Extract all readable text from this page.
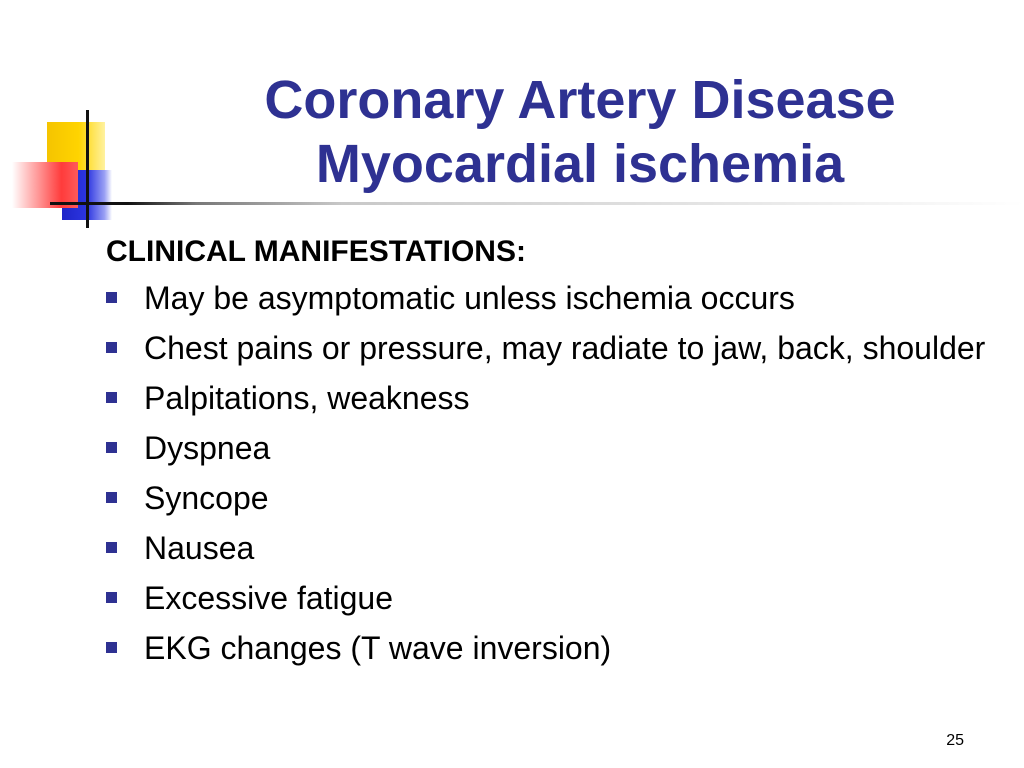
Coronary Artery Disease
Myocardial ischemia
CLINICAL MANIFESTATIONS:
May be asymptomatic unless ischemia occurs
Chest pains or pressure, may radiate to jaw, back, shoulder
Palpitations, weakness
Dyspnea
Syncope
Nausea
Excessive fatigue
EKG changes (T wave inversion)
25
